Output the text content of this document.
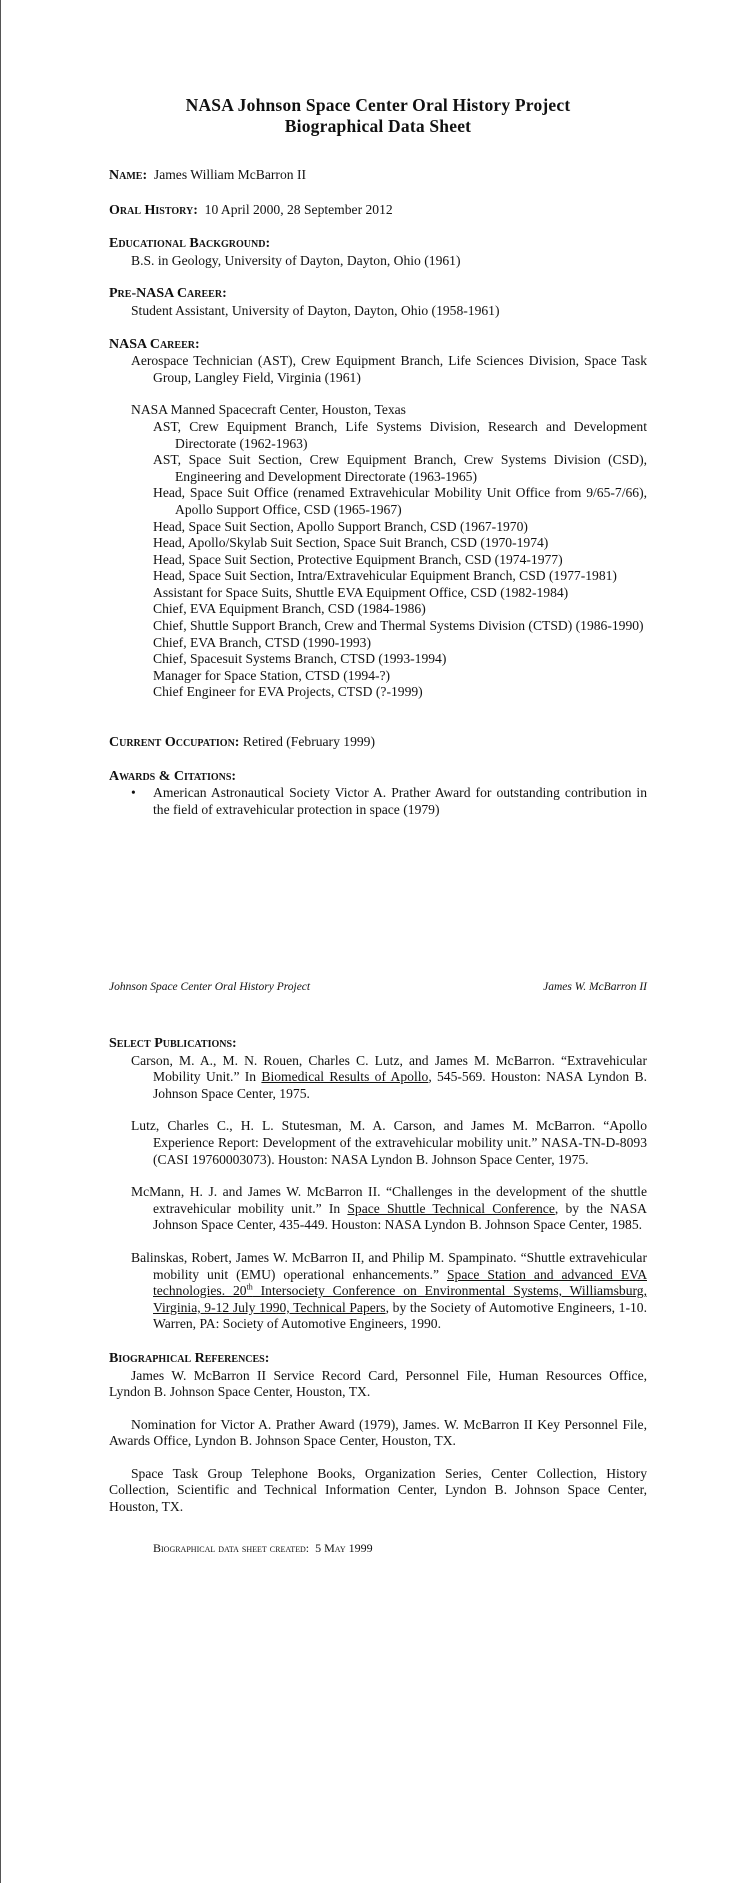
NASA Johnson Space Center Oral History Project

Biographical Data Sheet

Name: James William McBarron II

Oral History: 10 April 2000, 28 September 2012

Educational Background:

B.S. in Geology, University of Dayton, Dayton, Ohio (1961)

Pre-NASA Career:

Student Assistant, University of Dayton, Dayton, Ohio (1958-1961)

NASA Career:

Aerospace Technician (AST), Crew Equipment Branch, Life Sciences Division, Space Task Group, Langley Field, Virginia (1961)

NASA Manned Spacecraft Center, Houston, Texas

AST, Crew Equipment Branch, Life Systems Division, Research and Development Directorate (1962-1963)

AST, Space Suit Section, Crew Equipment Branch, Crew Systems Division (CSD), Engineering and Development Directorate (1963-1965)

Head, Space Suit Office (renamed Extravehicular Mobility Unit Office from 9/65-7/66), Apollo Support Office, CSD (1965-1967)

Head, Space Suit Section, Apollo Support Branch, CSD (1967-1970)

Head, Apollo/Skylab Suit Section, Space Suit Branch, CSD (1970-1974)

Head, Space Suit Section, Protective Equipment Branch, CSD (1974-1977)

Head, Space Suit Section, Intra/Extravehicular Equipment Branch, CSD (1977-1981)

Assistant for Space Suits, Shuttle EVA Equipment Office, CSD (1982-1984)

Chief, EVA Equipment Branch, CSD (1984-1986)

Chief, Shuttle Support Branch, Crew and Thermal Systems Division (CTSD) (1986-1990)

Chief, EVA Branch, CTSD (1990-1993)

Chief, Spacesuit Systems Branch, CTSD (1993-1994)

Manager for Space Station, CTSD (1994-?)

Chief Engineer for EVA Projects, CTSD (?-1999)

Current Occupation: Retired (February 1999)

Awards & Citations:

• American Astronautical Society Victor A. Prather Award for outstanding contribution in the field of extravehicular protection in space (1979)
Johnson Space Center Oral History Project	James W. McBarron II

Select Publications:

Carson, M. A., M. N. Rouen, Charles C. Lutz, and James M. McBarron. “Extravehicular Mobility Unit.” In Biomedical Results of Apollo, 545-569. Houston: NASA Lyndon B. Johnson Space Center, 1975.

Lutz, Charles C., H. L. Stutesman, M. A. Carson, and James M. McBarron. “Apollo Experience Report: Development of the extravehicular mobility unit.” NASA-TN-D-8093 (CASI 19760003073). Houston: NASA Lyndon B. Johnson Space Center, 1975.

McMann, H. J. and James W. McBarron II. “Challenges in the development of the shuttle extravehicular mobility unit.” In Space Shuttle Technical Conference, by the NASA Johnson Space Center, 435-449. Houston: NASA Lyndon B. Johnson Space Center, 1985.

Balinskas, Robert, James W. McBarron II, and Philip M. Spampinato. “Shuttle extravehicular mobility unit (EMU) operational enhancements.” Space Station and advanced EVA technologies. 20th Intersociety Conference on Environmental Systems, Williamsburg, Virginia, 9-12 July 1990, Technical Papers, by the Society of Automotive Engineers, 1-10. Warren, PA: Society of Automotive Engineers, 1990.

Biographical References:

James W. McBarron II Service Record Card, Personnel File, Human Resources Office, Lyndon B. Johnson Space Center, Houston, TX.

Nomination for Victor A. Prather Award (1979), James. W. McBarron II Key Personnel File, Awards Office, Lyndon B. Johnson Space Center, Houston, TX.

Space Task Group Telephone Books, Organization Series, Center Collection, History Collection, Scientific and Technical Information Center, Lyndon B. Johnson Space Center, Houston, TX.

Biographical data sheet created: 5 May 1999
